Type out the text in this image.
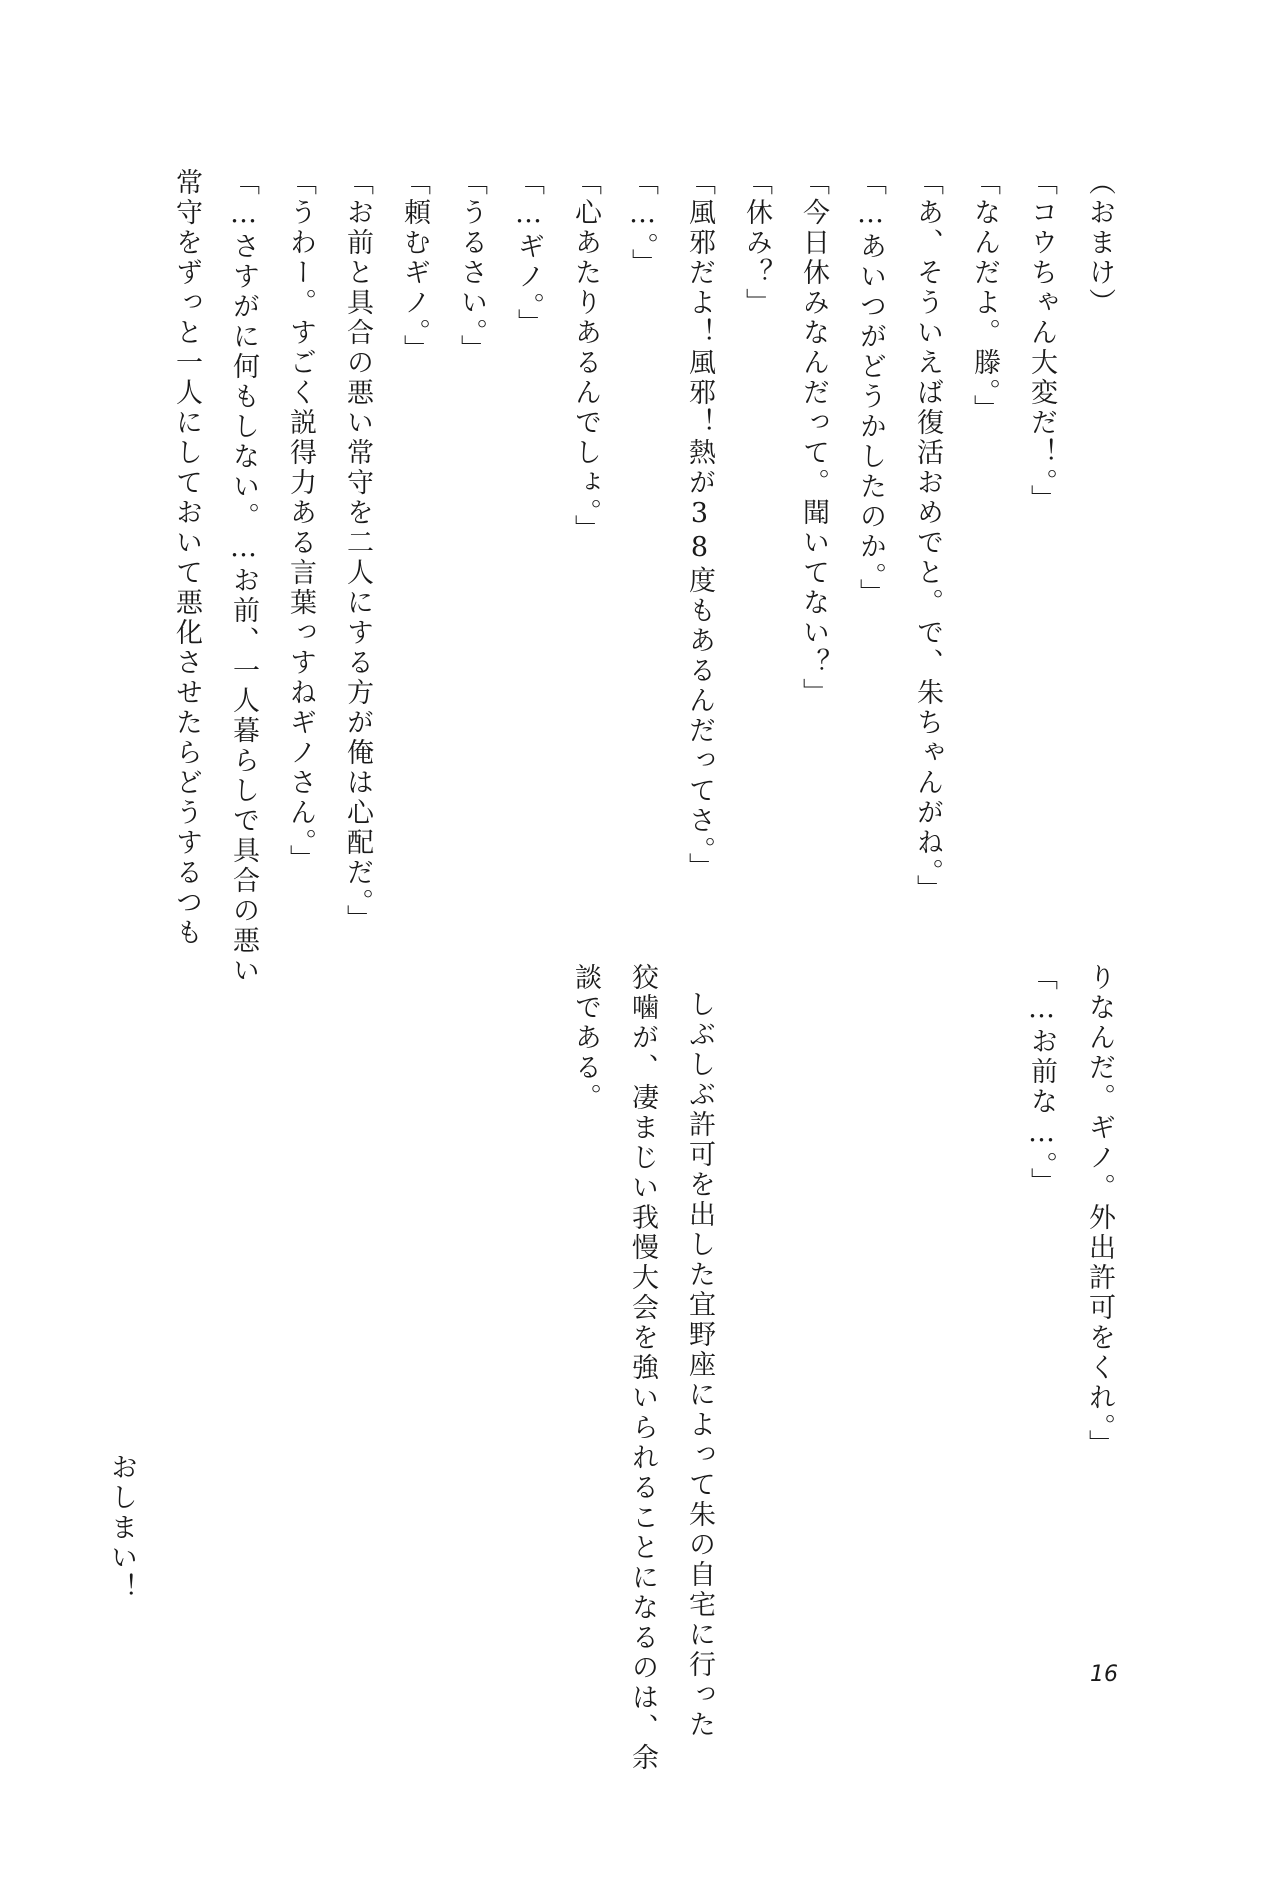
（おまけ）
「コウちゃん大変だ！。」
「なんだよ。滕。」
「あ、そういえば復活おめでと。で、朱ちゃんがね。」
「…あいつがどうかしたのか。」
「今日休みなんだって。聞いてない？」
「休み？」
「風邪だよ！風邪！熱が38度もあるんだってさ。」
「…。」
「心あたりあるんでしょ。」
「…ギノ。」
「うるさい。」
「頼むギノ。」
「お前と具合の悪い常守を二人にする方が俺は心配だ。」
「うわー。すごく説得力ある言葉っすねギノさん。」
「…さすがに何もしない。…お前、一人暮らしで具合の悪い
常守をずっと一人にしておいて悪化させたらどうするつも
りなんだ。ギノ。外出許可をくれ。」
「…お前な…。」
しぶしぶ許可を出した宜野座によって朱の自宅に行った
狡噛が、凄まじい我慢大会を強いられることになるのは、余
談である。
おしまい！
16
